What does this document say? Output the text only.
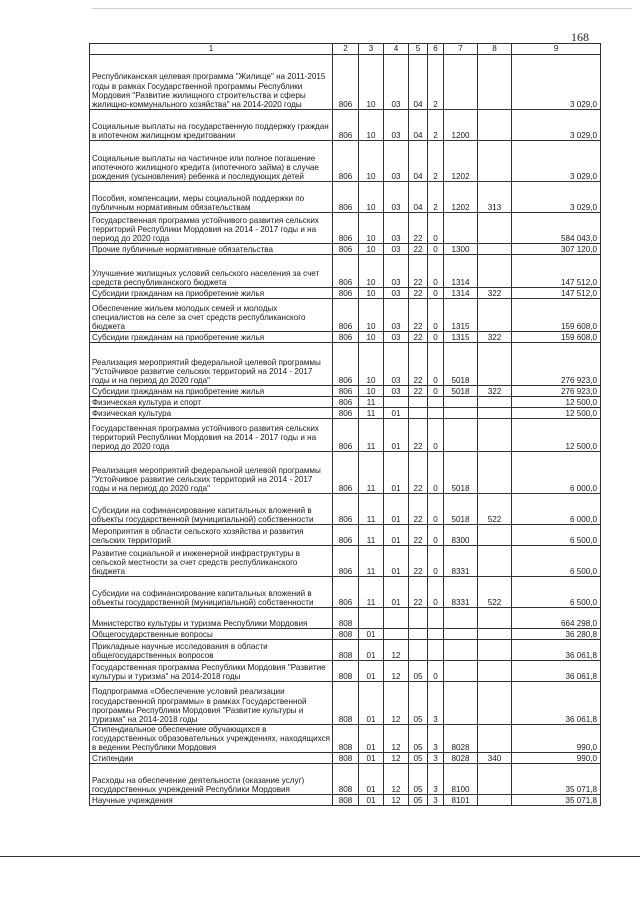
168
1	2	3	4	5	6	7	8	9
Республиканская целевая программа "Жилище" на 2011-2015 годы в рамках Государственной программы Республики Мордовия "Развитие жилищного строительства и сферы жилищно-коммунального хозяйства" на 2014-2020 годы	806	10	03	04	2			3 029,0
Социальные выплаты на государственную поддержку граждан в ипотечном жилищном кредитовании	806	10	03	04	2	1200		3 029,0
Социальные выплаты на частичное или полное погашение ипотечного жилищного кредита (ипотечного займа) в случае рождения (усыновления) ребенка и последующих детей	806	10	03	04	2	1202		3 029,0
Пособия, компенсации, меры социальной поддержки по публичным нормативным обязательствам	806	10	03	04	2	1202	313	3 029,0
Государственная программа устойчивого развития сельских территорий Республики Мордовия на 2014 - 2017 годы и на период до 2020 года	806	10	03	22	0			584 043,0
Прочие публичные нормативные обязательства	806	10	03	22	0	1300		307 120,0
Улучшение жилищных условий сельского населения за счет средств республиканского бюджета	806	10	03	22	0	1314		147 512,0
Субсидии гражданам на приобретение жилья	806	10	03	22	0	1314	322	147 512,0
Обеспечение жильем молодых семей и молодых специалистов на селе за счет средств республиканского бюджета	806	10	03	22	0	1315		159 608,0
Субсидии гражданам на приобретение жилья	806	10	03	22	0	1315	322	159 608,0
Реализация мероприятий федеральной целевой программы "Устойчивое развитие сельских территорий на 2014 - 2017 годы и на период до 2020 года"	806	10	03	22	0	5018		276 923,0
Субсидии гражданам на приобретение жилья	806	10	03	22	0	5018	322	276 923,0
Физическая культура и спорт	806	11						12 500,0
Физическая культура	806	11	01					12 500,0
Государственная программа устойчивого развития сельских территорий Республики Мордовия на 2014 - 2017 годы и на период до 2020 года	806	11	01	22	0			12 500,0
Реализация мероприятий федеральной целевой программы "Устойчивое развитие сельских территорий на 2014 - 2017 годы и на период до 2020 года"	806	11	01	22	0	5018		6 000,0
Субсидии на софинансирование капитальных вложений в объекты государственной (муниципальной) собственности	806	11	01	22	0	5018	522	6 000,0
Мероприятия в области сельского хозяйства и развития сельских территорий	806	11	01	22	0	8300		6 500,0
Развитие социальной и инженерной инфраструктуры в сельской местности за счет средств республиканского бюджета	806	11	01	22	0	8331		6 500,0
Субсидии на софинансирование капитальных вложений в объекты государственной (муниципальной) собственности	806	11	01	22	0	8331	522	6 500,0
Министерство культуры и туризма Республики Мордовия	808							664 298,0
Общегосударственные вопросы	808	01						36 280,8
Прикладные научные исследования в области общегосударственных вопросов	808	01	12					36 061,8
Государственная программа Республики Мордовия "Развитие культуры и туризма" на 2014-2018 годы	808	01	12	05	0			36 061,8
Подпрограмма «Обеспечение условий реализации государственной программы» в рамках Государственной программы Республики Мордовия "Развитие культуры и туризма" на 2014-2018 годы	808	01	12	05	3			36 061,8
Стипендиальное обеспечение обучающихся в государственных образовательных учреждениях, находящихся в ведении Республики Мордовия	808	01	12	05	3	8028		990,0
Стипендии	808	01	12	05	3	8028	340	990,0
Расходы на обеспечение деятельности (оказание услуг) государственных учреждений Республики Мордовия	808	01	12	05	3	8100		35 071,8
Научные учреждения	808	01	12	05	3	8101		35 071,8
